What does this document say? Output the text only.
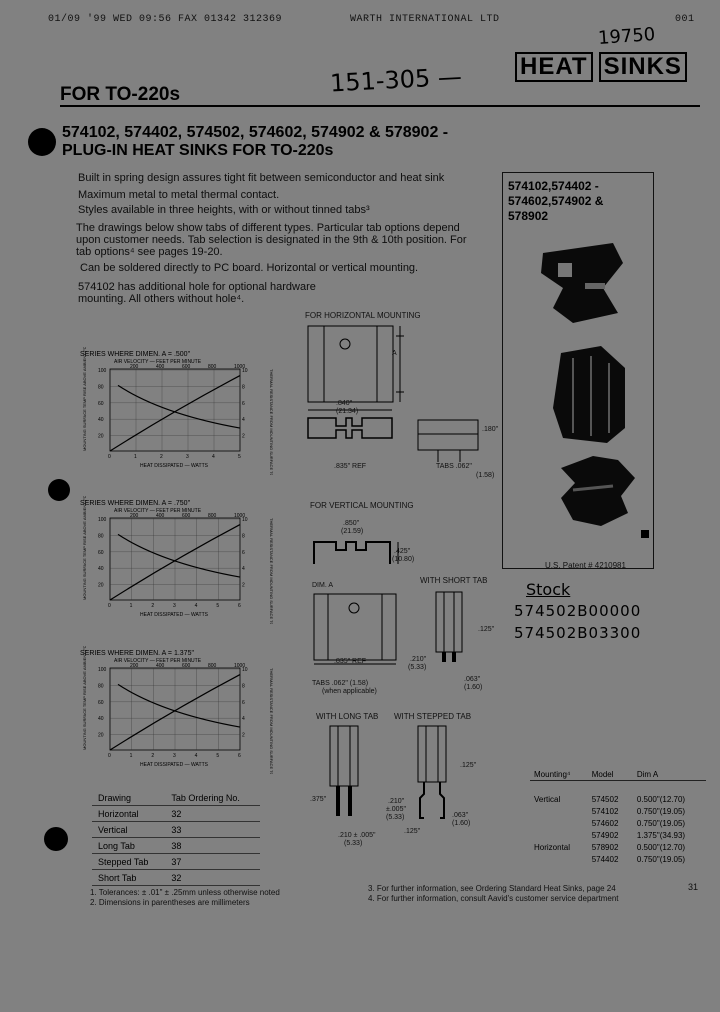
01/09 '99 WED 09:56 FAX 01342 312369	WARTH INTERNATIONAL LTD	001
19750
151-305 — HEAT SINKS
FOR TO-220s
574102, 574402, 574502, 574602, 574902 & 578902 -
PLUG-IN HEAT SINKS FOR TO-220s
Built in spring design assures tight fit between semiconductor and heat sink
Maximum metal to metal thermal contact.
Styles available in three heights, with or without tinned tabs³
The drawings below show tabs of different types. Particular tab options depend upon customer needs. Tab selection is designated in the 9th & 10th position. For tab options⁴ see pages 19-20.
Can be soldered directly to PC board. Horizontal or vertical mounting.
574102 has additional hole for optional hardware mounting. All others without hole⁴.
574102,574402 -
574602,574902 &
578902
U.S. Patent # 4210981
Stock
574502B00000
574502B03300
SERIES WHERE DIMEN. A = .500"
AIR VELOCITY — FEET PER MINUTE
200	400	600	800	1000
100
80
60
40
20
10
8
6
4
2
0	1	2	3	4	5
HEAT DISSIPATED — WATTS
MOUNTING SURFACE TEMP RISE ABOVE AMBIENT (°C)	THERMAL RESISTANCE FROM MOUNTING SURFACE TO AMBIENT (°C/W)
SERIES WHERE DIMEN. A = .750"
AIR VELOCITY — FEET PER MINUTE
200	400	600	800	1000
100
80
60
40
20
10
8
6
4
2
0	1	2	3	4	5	6
HEAT DISSIPATED — WATTS
MOUNTING SURFACE TEMP RISE ABOVE AMBIENT (°C)	THERMAL RESISTANCE FROM MOUNTING SURFACE TO AMBIENT (°C/W)
SERIES WHERE DIMEN. A = 1.375"
AIR VELOCITY — FEET PER MINUTE
200	400	600	800	1000
100
80
60
40
20
10
8
6
4
2
0	1	2	3	4	5	6
HEAT DISSIPATED — WATTS
MOUNTING SURFACE TEMP RISE ABOVE AMBIENT (°C)	THERMAL RESISTANCE FROM MOUNTING SURFACE TO AMBIENT (°C/W)
FOR HORIZONTAL MOUNTING
A
.840"
(21.34)
.835" REF
.180"
TABS .062"
(1.58)
FOR VERTICAL MOUNTING
.850"
(21.59)
.425"
(10.80)
DIM. A
.835" REF
TABS .062" (1.58)
(when applicable)
WITH SHORT TAB
.125"
.210"
(5.33)
.063"
(1.60)
WITH LONG TAB
.375"
.210 ± .005"
(5.33)
WITH STEPPED TAB
.125"
.210"
±.005"
(5.33)	.063"
(1.60)
.125"
Drawing	Tab Ordering No.
Horizontal	32
Vertical	33
Long Tab	38
Stepped Tab	37
Short Tab	32
Mounting⁴	Model	Dim A

Vertical	574502	0.500"(12.70)
	574102	0.750"(19.05)
	574602	0.750"(19.05)
	574902	1.375"(34.93)
Horizontal	578902	0.500"(12.70)
	574402	0.750"(19.05)
1. Tolerances: ± .01" ± .25mm unless otherwise noted
2. Dimensions in parentheses are millimeters
3. For further information, see Ordering Standard Heat Sinks, page 24
4. For further information, consult Aavid's customer service department
31
